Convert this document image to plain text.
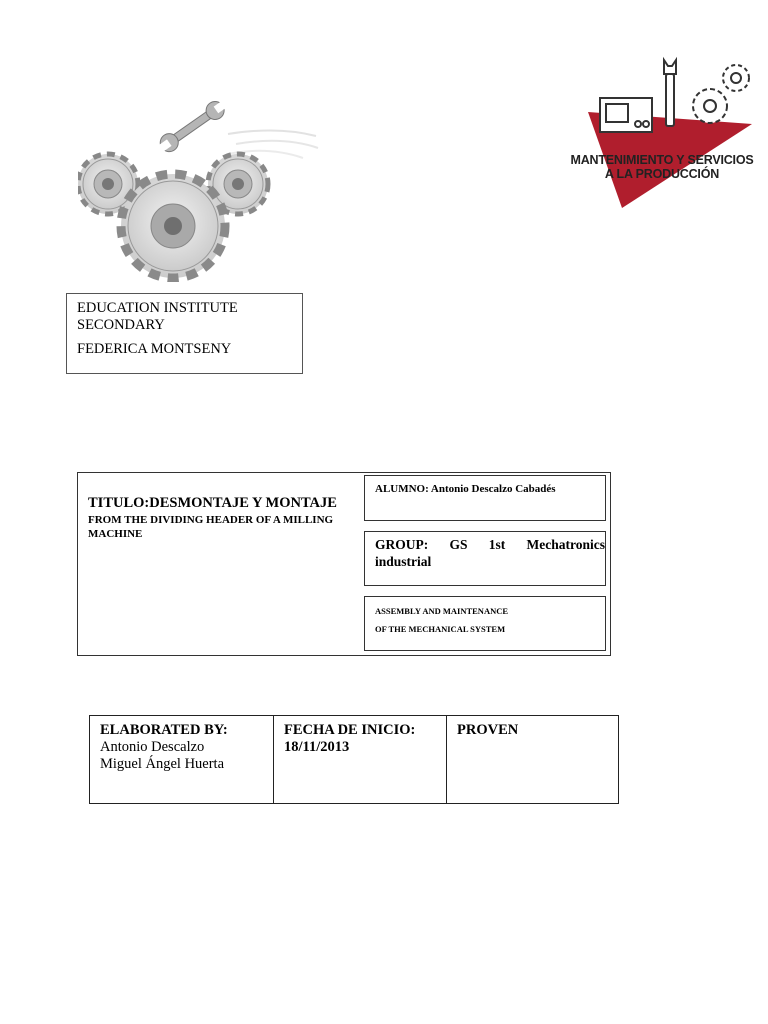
MANTENIMIENTO Y SERVICIOS
A LA PRODUCCIÓN
EDUCATION INSTITUTE
SECONDARY
FEDERICA MONTSENY
TITULO:DESMONTAJE Y MONTAJE
FROM THE DIVIDING HEADER OF A MILLING MACHINE
ALUMNO: Antonio Descalzo Cabadés
GROUP: GS 1st Mechatronics
industrial
ASSEMBLY AND MAINTENANCE
OF THE MECHANICAL SYSTEM
ELABORATED BY:
Antonio Descalzo
Miguel Ángel Huerta
FECHA DE INICIO:
18/11/2013
PROVEN
